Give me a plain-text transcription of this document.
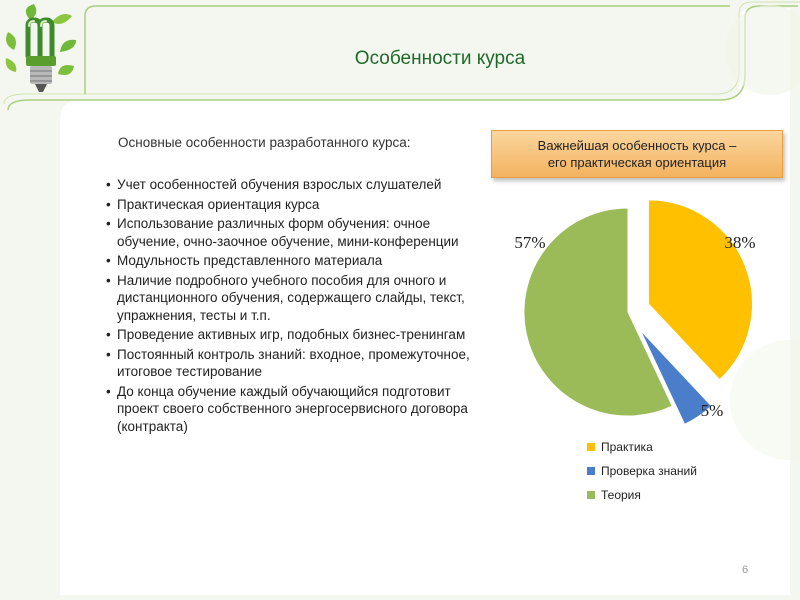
Особенности курса
Основные особенности разработанного курса:
• Учет особенностей обучения взрослых слушателей
• Практическая ориентация курса
• Использование различных форм обучения: очное обучение, очно-заочное обучение, мини-конференции
• Модульность представленного материала
• Наличие подробного учебного пособия для очного и дистанционного обучения, содержащего слайды, текст, упражнения, тесты и т.п.
• Проведение активных игр, подобных бизнес-тренингам
• Постоянный контроль знаний: входное, промежуточное, итоговое тестирование
• До конца обучение каждый обучающийся подготовит проект своего собственного энергосервисного договора (контракта)
Важнейшая особенность курса –
его практическая ориентация
38%
5%
57%
Практика
Проверка знаний
Теория
6
